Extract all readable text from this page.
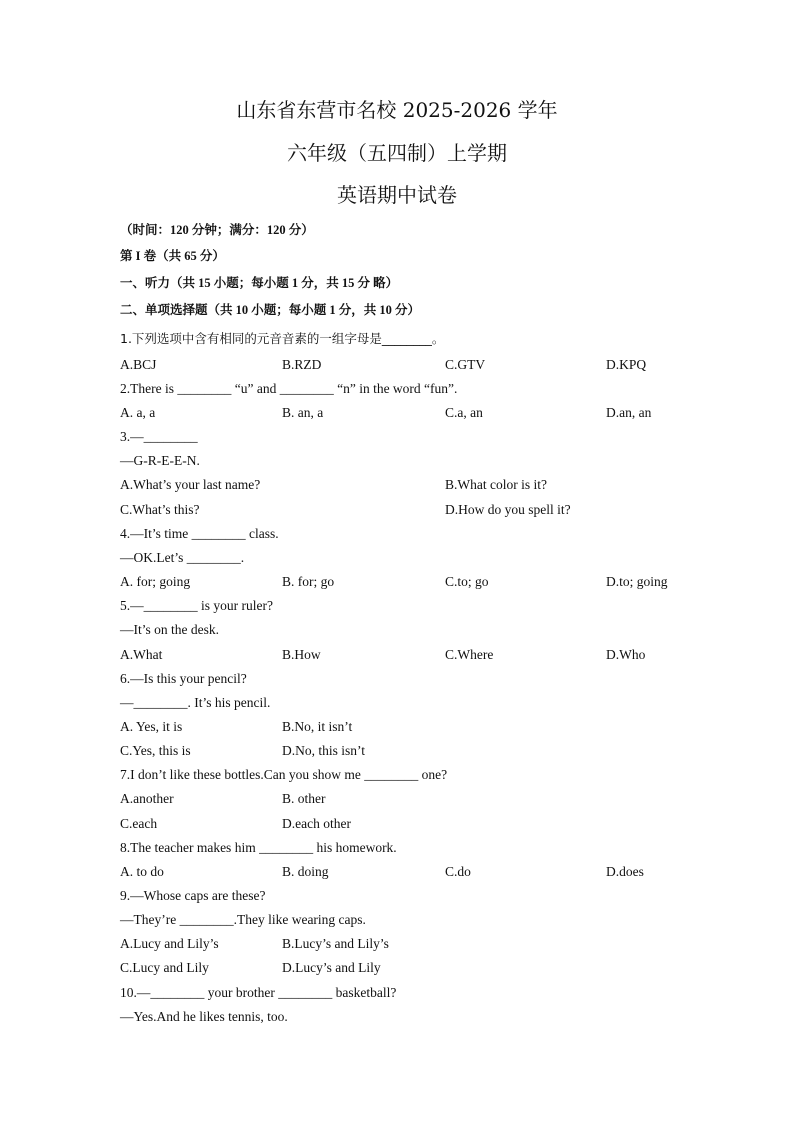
山东省东营市名校 2025-2026 学年
六年级（五四制）上学期
英语期中试卷
（时间：120 分钟；满分：120 分）
第 I 卷（共 65 分）
一、听力（共 15 小题；每小题 1 分，共 15 分 略）
二、单项选择题（共 10 小题；每小题 1 分，共 10 分）
1.下列选项中含有相同的元音音素的一组字母是________。
A.BCJ	B.RZD	C.GTV	D.KPQ
2.There is ________ “u” and ________ “n” in the word “fun”.
A. a, a	B. an, a	C.a, an	D.an, an
3.—________
—G-R-E-E-N.
A.What’s your last name?	B.What color is it?
C.What’s this?	D.How do you spell it?
4.—It’s time ________ class.
—OK.Let’s ________.
A. for; going	B. for; go	C.to; go	D.to; going
5.—________ is your ruler?
—It’s on the desk.
A.What	B.How	C.Where	D.Who
6.—Is this your pencil?
—________. It’s his pencil.
A. Yes, it is	B.No, it isn’t
C.Yes, this is	D.No, this isn’t
7.I don’t like these bottles.Can you show me ________ one?
A.another	B. other
C.each	D.each other
8.The teacher makes him ________ his homework.
A. to do	B. doing	C.do	D.does
9.—Whose caps are these?
—They’re ________.They like wearing caps.
A.Lucy and Lily’s	B.Lucy’s and Lily’s
C.Lucy and Lily	D.Lucy’s and Lily
10.—________ your brother ________ basketball?
—Yes.And he likes tennis, too.
